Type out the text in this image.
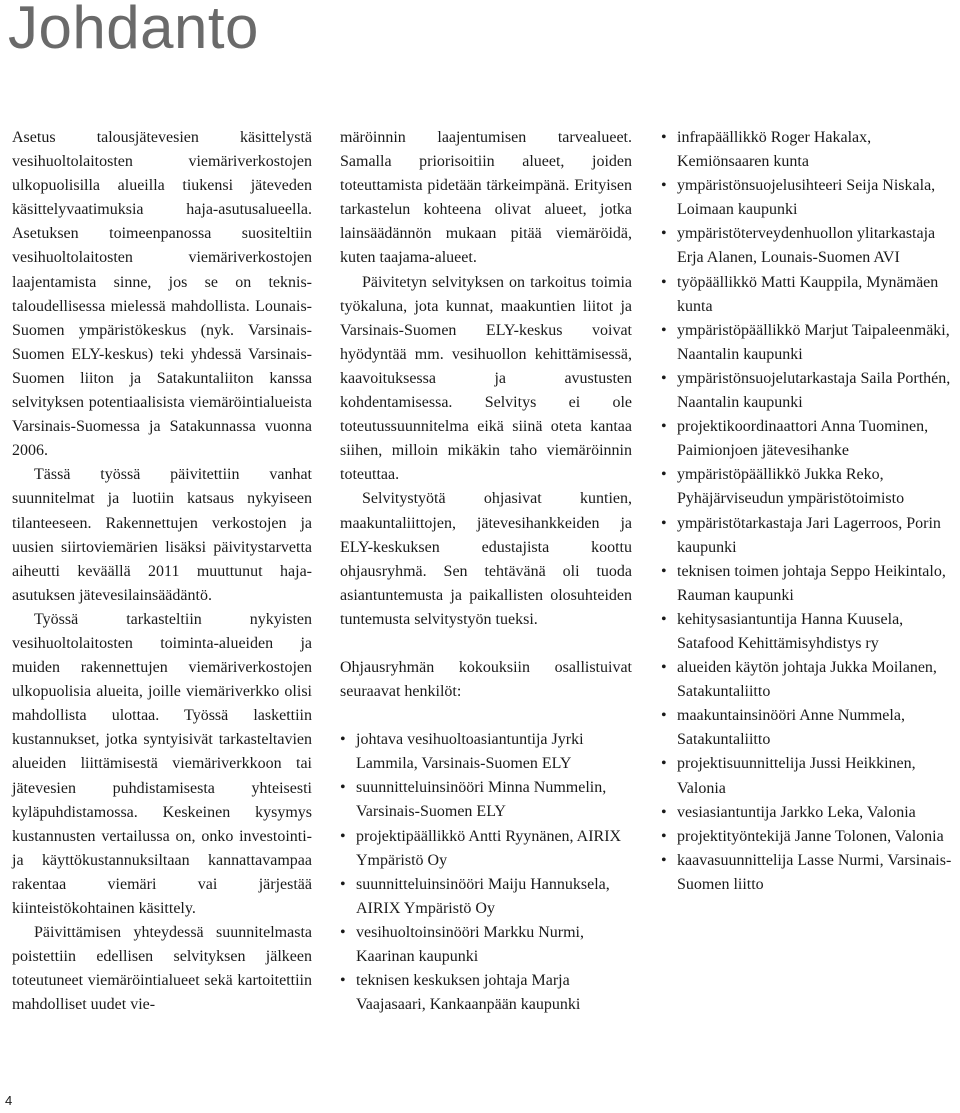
Johdanto

Asetus talousjätevesien käsittelystä vesihuoltolaitosten viemäriverkostojen ulkopuolisilla alueilla tiukensi jäteveden käsittelyvaatimuksia haja-asutusalueella. Asetuksen toimeenpanossa suositeltiin vesihuoltolaitosten viemäriverkostojen laajentamista sinne, jos se on teknis-taloudellisessa mielessä mahdollista. Lounais-Suomen ympäristökeskus (nyk. Varsinais-Suomen ELY-keskus) teki yhdessä Varsinais-Suomen liiton ja Satakuntaliiton kanssa selvityksen potentiaalisista viemäröintialueista Varsinais-Suomessa ja Satakunnassa vuonna 2006.

Tässä työssä päivitettiin vanhat suunnitelmat ja luotiin katsaus nykyiseen tilanteeseen. Rakennettujen verkostojen ja uusien siirtoviemärien lisäksi päivitystarvetta aiheutti keväällä 2011 muuttunut haja-asutuksen jätevesilainsäädäntö.

Työssä tarkasteltiin nykyisten vesihuoltolaitosten toiminta-alueiden ja muiden rakennettujen viemäriverkostojen ulkopuolisia alueita, joille viemäriverkko olisi mahdollista ulottaa. Työssä laskettiin kustannukset, jotka syntyisivät tarkasteltavien alueiden liittämisestä viemäriverkkoon tai jätevesien puhdistamisesta yhteisesti kyläpuhdistamossa. Keskeinen kysymys kustannusten vertailussa on, onko investointi- ja käyttökustannuksiltaan kannattavampaa rakentaa viemäri vai järjestää kiinteistökohtainen käsittely.

Päivittämisen yhteydessä suunnitelmasta poistettiin edellisen selvityksen jälkeen toteutuneet viemäröintialueet sekä kartoitettiin mahdolliset uudet vie-

märöinnin laajentumisen tarvealueet. Samalla priorisoitiin alueet, joiden toteuttamista pidetään tärkeimpänä. Erityisen tarkastelun kohteena olivat alueet, jotka lainsäädännön mukaan pitää viemäröidä, kuten taajama-alueet.

Päivitetyn selvityksen on tarkoitus toimia työkaluna, jota kunnat, maakuntien liitot ja Varsinais-Suomen ELY-keskus voivat hyödyntää mm. vesihuollon kehittämisessä, kaavoituksessa ja avustusten kohdentamisessa. Selvitys ei ole toteutussuunnitelma eikä siinä oteta kantaa siihen, milloin mikäkin taho viemäröinnin toteuttaa.

Selvitystyötä ohjasivat kuntien, maakuntaliittojen, jätevesihankkeiden ja ELY-keskuksen edustajista koottu ohjausryhmä. Sen tehtävänä oli tuoda asiantuntemusta ja paikallisten olosuhteiden tuntemusta selvitystyön tueksi.

Ohjausryhmän kokouksiin osallistuivat seuraavat henkilöt:

• johtava vesihuoltoasiantuntija Jyrki Lammila, Varsinais-Suomen ELY
• suunnitteluinsinööri Minna Nummelin, Varsinais-Suomen ELY
• projektipäällikkö Antti Ryynänen, AIRIX Ympäristö Oy
• suunnitteluinsinööri Maiju Hannuksela, AIRIX Ympäristö Oy
• vesihuoltoinsinööri Markku Nurmi, Kaarinan kaupunki
• teknisen keskuksen johtaja Marja Vaajasaari, Kankaanpään kaupunki
• infrapäällikkö Roger Hakalax, Kemiönsaaren kunta
• ympäristönsuojelusihteeri Seija Niskala, Loimaan kaupunki
• ympäristöterveydenhuollon ylitarkastaja Erja Alanen, Lounais-Suomen AVI
• työpäällikkö Matti Kauppila, Mynämäen kunta
• ympäristöpäällikkö Marjut Taipaleenmäki, Naantalin kaupunki
• ympäristönsuojelutarkastaja Saila Porthén, Naantalin kaupunki
• projektikoordinaattori Anna Tuominen, Paimionjoen jätevesihanke
• ympäristöpäällikkö Jukka Reko, Pyhäjärviseudun ympäristötoimisto
• ympäristötarkastaja Jari Lagerroos, Porin kaupunki
• teknisen toimen johtaja Seppo Heikintalo, Rauman kaupunki
• kehitysasiantuntija Hanna Kuusela, Satafood Kehittämisyhdistys ry
• alueiden käytön johtaja Jukka Moilanen, Satakuntaliitto
• maakuntainsinööri Anne Nummela, Satakuntaliitto
• projektisuunnittelija Jussi Heikkinen, Valonia
• vesiasiantuntija Jarkko Leka, Valonia
• projektityöntekijä Janne Tolonen, Valonia
• kaavasuunnittelija Lasse Nurmi, Varsinais-Suomen liitto
4
